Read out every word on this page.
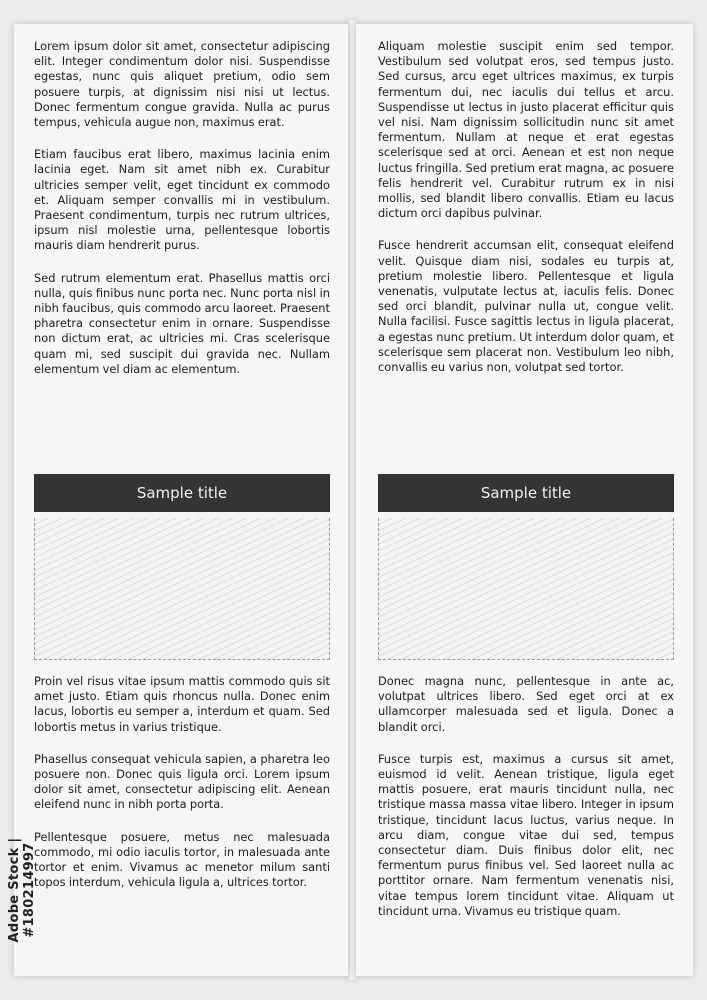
Lorem ipsum dolor sit amet, consectetur adipiscing elit. Integer condimentum dolor nisi. Suspendisse egestas, nunc quis aliquet pretium, odio sem posuere turpis, at dignissim nisi nisi ut lectus. Donec fermentum congue gravida. Nulla ac purus tempus, vehicula augue non, maximus erat.

Etiam faucibus erat libero, maximus lacinia enim lacinia eget. Nam sit amet nibh ex. Curabitur ultricies semper velit, eget tincidunt ex commodo et. Aliquam semper convallis mi in vestibulum. Praesent condimentum, turpis nec rutrum ultrices, ipsum nisl molestie urna, pellentesque lobortis mauris diam hendrerit purus.

Sed rutrum elementum erat. Phasellus mattis orci nulla, quis finibus nunc porta nec. Nunc porta nisl in nibh faucibus, quis commodo arcu laoreet. Praesent pharetra consectetur enim in ornare. Suspendisse non dictum erat, ac ultricies mi. Cras scelerisque quam mi, sed suscipit dui gravida nec. Nullam elementum vel diam ac elementum.

Sample title

Proin vel risus vitae ipsum mattis commodo quis sit amet justo. Etiam quis rhoncus nulla. Donec enim lacus, lobortis eu semper a, interdum et quam. Sed lobortis metus in varius tristique.

Phasellus consequat vehicula sapien, a pharetra leo posuere non. Donec quis ligula orci. Lorem ipsum dolor sit amet, consectetur adipiscing elit. Aenean eleifend nunc in nibh porta porta.

Pellentesque posuere, metus nec malesuada commodo, mi odio iaculis tortor, in malesuada ante tortor et enim. Vivamus ac menetor milum santi topos interdum, vehicula ligula a, ultrices tortor.

Aliquam molestie suscipit enim sed tempor. Vestibulum sed volutpat eros, sed tempus justo. Sed cursus, arcu eget ultrices maximus, ex turpis fermentum dui, nec iaculis dui tellus et arcu. Suspendisse ut lectus in justo placerat efficitur quis vel nisi. Nam dignissim sollicitudin nunc sit amet fermentum. Nullam at neque et erat egestas scelerisque sed at orci. Aenean et est non neque luctus fringilla. Sed pretium erat magna, ac posuere felis hendrerit vel. Curabitur rutrum ex in nisi mollis, sed blandit libero convallis. Etiam eu lacus dictum orci dapibus pulvinar.

Fusce hendrerit accumsan elit, consequat eleifend velit. Quisque diam nisi, sodales eu turpis at, pretium molestie libero. Pellentesque et ligula venenatis, vulputate lectus at, iaculis felis. Donec sed orci blandit, pulvinar nulla ut, congue velit. Nulla facilisi. Fusce sagittis lectus in ligula placerat, a egestas nunc pretium. Ut interdum dolor quam, et scelerisque sem placerat non. Vestibulum leo nibh, convallis eu varius non, volutpat sed tortor.

Sample title

Donec magna nunc, pellentesque in ante ac, volutpat ultrices libero. Sed eget orci at ex ullamcorper malesuada sed et ligula. Donec a blandit orci.

Fusce turpis est, maximus a cursus sit amet, euismod id velit. Aenean tristique, ligula eget mattis posuere, erat mauris tincidunt nulla, nec tristique massa massa vitae libero. Integer in ipsum tristique, tincidunt lacus luctus, varius neque. In arcu diam, congue vitae dui sed, tempus consectetur diam. Duis finibus dolor elit, nec fermentum purus finibus vel. Sed laoreet nulla ac porttitor ornare. Nam fermentum venenatis nisi, vitae tempus lorem tincidunt vitae. Aliquam ut tincidunt urna. Vivamus eu tristique quam.

Adobe Stock | #180214997
